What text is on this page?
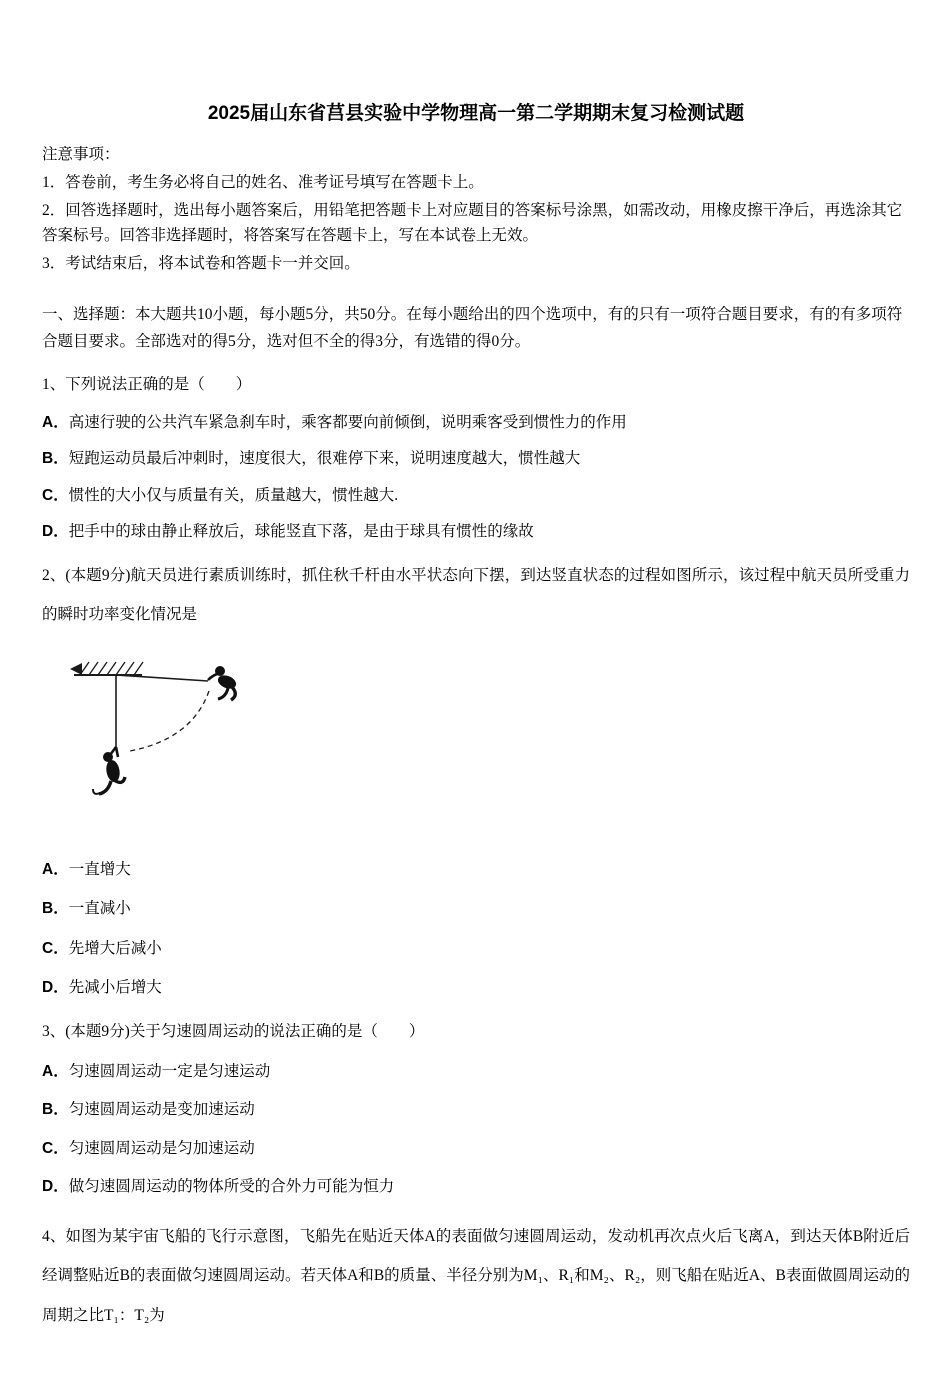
2025届山东省莒县实验中学物理高一第二学期期末复习检测试题

注意事项：

1．答卷前，考生务必将自己的姓名、准考证号填写在答题卡上。

2．回答选择题时，选出每小题答案后，用铅笔把答题卡上对应题目的答案标号涂黑，如需改动，用橡皮擦干净后，再选涂其它答案标号。回答非选择题时，将答案写在答题卡上，写在本试卷上无效。

3．考试结束后，将本试卷和答题卡一并交回。

一、选择题：本大题共10小题，每小题5分，共50分。在每小题给出的四个选项中，有的只有一项符合题目要求，有的有多项符合题目要求。全部选对的得5分，选对但不全的得3分，有选错的得0分。

1、下列说法正确的是（　　）

A．高速行驶的公共汽车紧急刹车时，乘客都要向前倾倒，说明乘客受到惯性力的作用

B．短跑运动员最后冲刺时，速度很大，很难停下来，说明速度越大，惯性越大

C．惯性的大小仅与质量有关，质量越大，惯性越大.

D．把手中的球由静止释放后，球能竖直下落，是由于球具有惯性的缘故

2、(本题9分)航天员进行素质训练时，抓住秋千杆由水平状态向下摆，到达竖直状态的过程如图所示，该过程中航天员所受重力的瞬时功率变化情况是

A．一直增大

B．一直减小

C．先增大后减小

D．先减小后增大

3、(本题9分)关于匀速圆周运动的说法正确的是（　　）

A．匀速圆周运动一定是匀速运动

B．匀速圆周运动是变加速运动

C．匀速圆周运动是匀加速运动

D．做匀速圆周运动的物体所受的合外力可能为恒力

4、如图为某宇宙飞船的飞行示意图，飞船先在贴近天体A的表面做匀速圆周运动，发动机再次点火后飞离A，到达天体B附近后经调整贴近B的表面做匀速圆周运动。若天体A和B的质量、半径分别为M₁、R₁和M₂、R₂，则飞船在贴近A、B表面做圆周运动的周期之比T₁：T₂为
